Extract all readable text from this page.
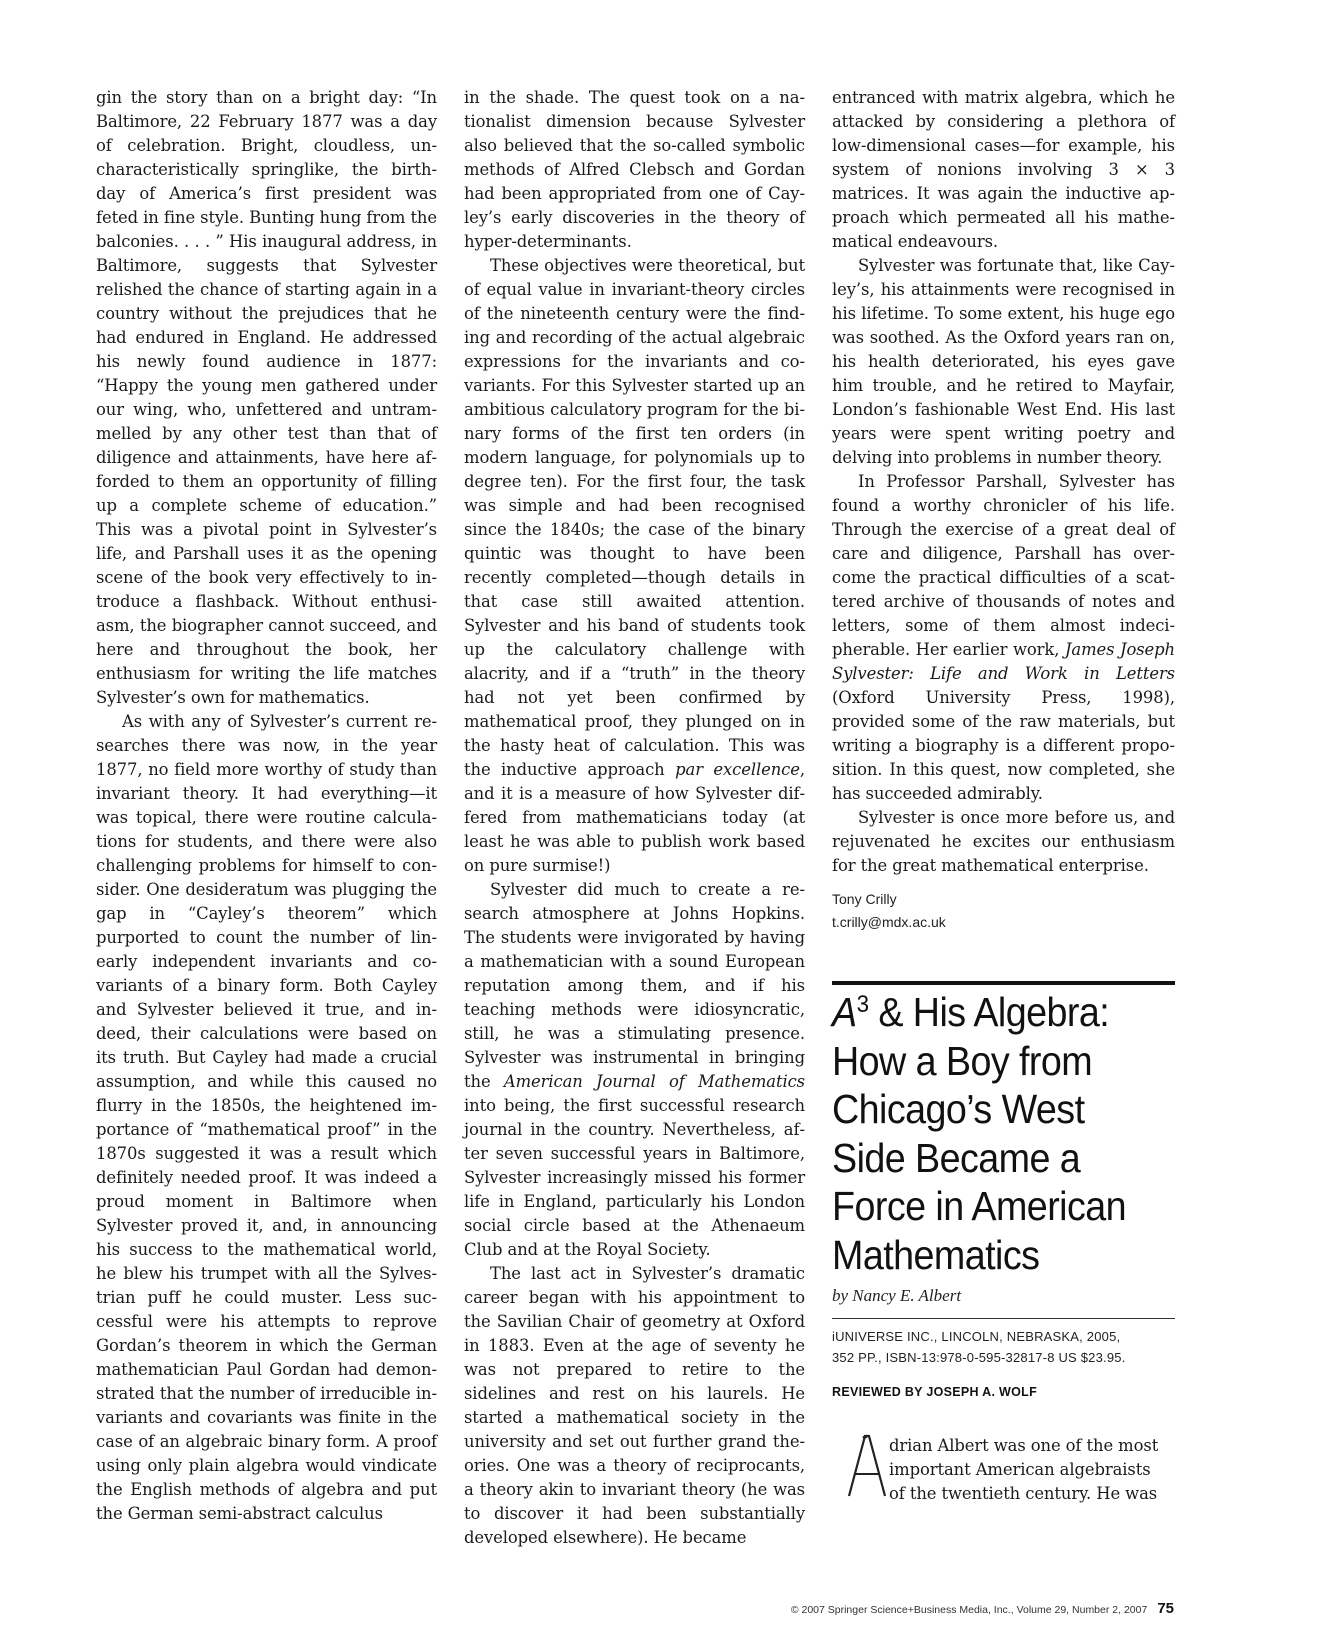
gin the story than on a bright day: “In Baltimore, 22 February 1877 was a day of celebration. Bright, cloudless, uncharacteristically springlike, the birthday of America’s first president was feted in fine style. Bunting hung from the balconies. . . . ” His inaugural address, in Baltimore, suggests that Sylvester relished the chance of starting again in a country without the prejudices that he had endured in England. He addressed his newly found audience in 1877: “Happy the young men gathered under our wing, who, unfettered and untrammelled by any other test than that of diligence and attainments, have here afforded to them an opportunity of filling up a complete scheme of education.” This was a pivotal point in Sylvester’s life, and Parshall uses it as the opening scene of the book very effectively to introduce a flashback. Without enthusiasm, the biographer cannot succeed, and here and throughout the book, her enthusiasm for writing the life matches Sylvester’s own for mathematics.

As with any of Sylvester’s current researches there was now, in the year 1877, no field more worthy of study than invariant theory. It had everything—it was topical, there were routine calculations for students, and there were also challenging problems for himself to consider. One desideratum was plugging the gap in “Cayley’s theorem” which purported to count the number of linearly independent invariants and covariants of a binary form. Both Cayley and Sylvester believed it true, and indeed, their calculations were based on its truth. But Cayley had made a crucial assumption, and while this caused no flurry in the 1850s, the heightened importance of “mathematical proof” in the 1870s suggested it was a result which definitely needed proof. It was indeed a proud moment in Baltimore when Sylvester proved it, and, in announcing his success to the mathematical world, he blew his trumpet with all the Sylvestrian puff he could muster. Less successful were his attempts to reprove Gordan’s theorem in which the German mathematician Paul Gordan had demonstrated that the number of irreducible invariants and covariants was finite in the case of an algebraic binary form. A proof using only plain algebra would vindicate the English methods of algebra and put the German semi-abstract calculus

in the shade. The quest took on a nationalist dimension because Sylvester also believed that the so-called symbolic methods of Alfred Clebsch and Gordan had been appropriated from one of Cayley’s early discoveries in the theory of hyper-determinants.

These objectives were theoretical, but of equal value in invariant-theory circles of the nineteenth century were the finding and recording of the actual algebraic expressions for the invariants and covariants. For this Sylvester started up an ambitious calculatory program for the binary forms of the first ten orders (in modern language, for polynomials up to degree ten). For the first four, the task was simple and had been recognised since the 1840s; the case of the binary quintic was thought to have been recently completed—though details in that case still awaited attention. Sylvester and his band of students took up the calculatory challenge with alacrity, and if a “truth” in the theory had not yet been confirmed by mathematical proof, they plunged on in the hasty heat of calculation. This was the inductive approach par excellence, and it is a measure of how Sylvester differed from mathematicians today (at least he was able to publish work based on pure surmise!)

Sylvester did much to create a research atmosphere at Johns Hopkins. The students were invigorated by having a mathematician with a sound European reputation among them, and if his teaching methods were idiosyncratic, still, he was a stimulating presence. Sylvester was instrumental in bringing the American Journal of Mathematics into being, the first successful research journal in the country. Nevertheless, after seven successful years in Baltimore, Sylvester increasingly missed his former life in England, particularly his London social circle based at the Athenaeum Club and at the Royal Society.

The last act in Sylvester’s dramatic career began with his appointment to the Savilian Chair of geometry at Oxford in 1883. Even at the age of seventy he was not prepared to retire to the sidelines and rest on his laurels. He started a mathematical society in the university and set out further grand theories. One was a theory of reciprocants, a theory akin to invariant theory (he was to discover it had been substantially developed elsewhere). He became

entranced with matrix algebra, which he attacked by considering a plethora of low-dimensional cases—for example, his system of nonions involving 3 × 3 matrices. It was again the inductive approach which permeated all his mathematical endeavours.

Sylvester was fortunate that, like Cayley’s, his attainments were recognised in his lifetime. To some extent, his huge ego was soothed. As the Oxford years ran on, his health deteriorated, his eyes gave him trouble, and he retired to Mayfair, London’s fashionable West End. His last years were spent writing poetry and delving into problems in number theory.

In Professor Parshall, Sylvester has found a worthy chronicler of his life. Through the exercise of a great deal of care and diligence, Parshall has overcome the practical difficulties of a scattered archive of thousands of notes and letters, some of them almost indecipherable. Her earlier work, James Joseph Sylvester: Life and Work in Letters (Oxford University Press, 1998), provided some of the raw materials, but writing a biography is a different proposition. In this quest, now completed, she has succeeded admirably.

Sylvester is once more before us, and rejuvenated he excites our enthusiasm for the great mathematical enterprise.

Tony Crilly
t.crilly@mdx.ac.uk
$A^3$ & His Algebra: How a Boy from Chicago’s West Side Became a Force in American Mathematics
by Nancy E. Albert
iUNIVERSE INC., LINCOLN, NEBRASKA, 2005,
352 PP., ISBN-13:978-0-595-32817-8 US $23.95.
REVIEWED BY JOSEPH A. WOLF
A
drian Albert was one of the most
important American algebraists
of the twentieth century. He was
© 2007 Springer Science+Business Media, Inc., Volume 29, Number 2, 2007 75
